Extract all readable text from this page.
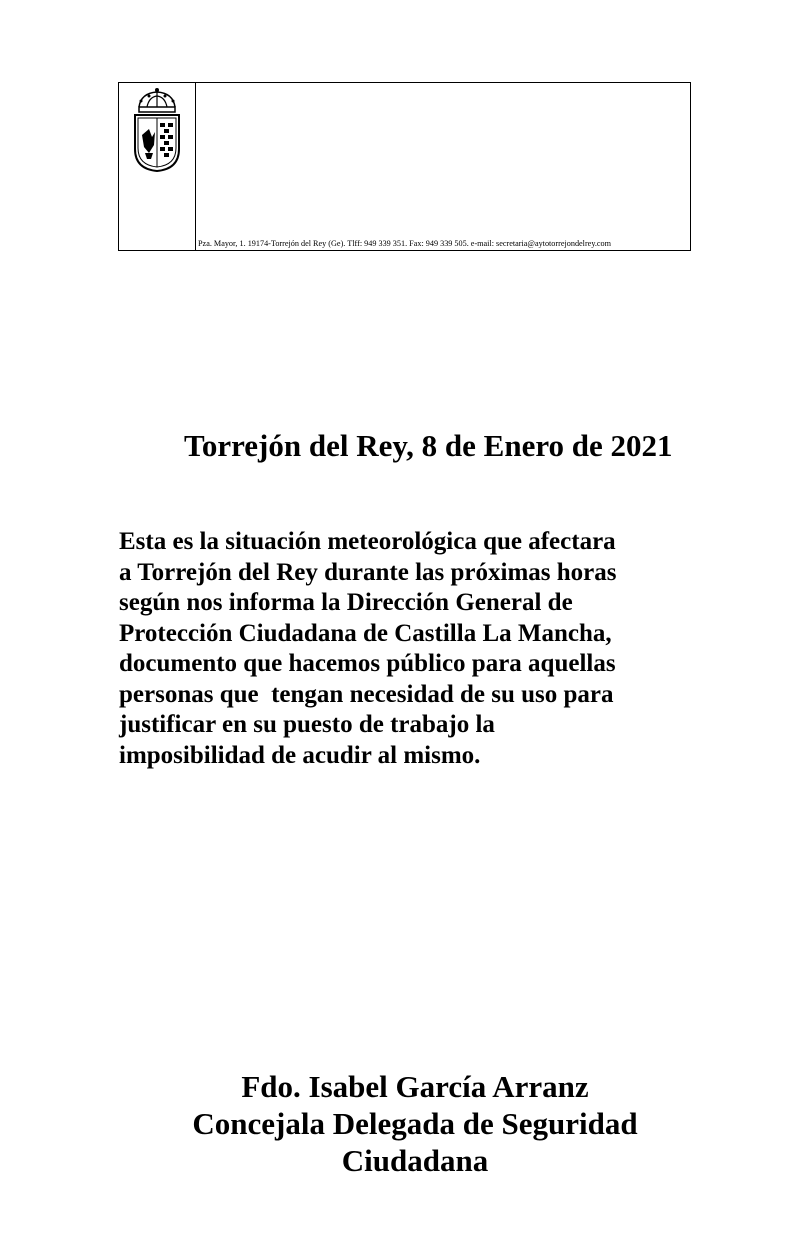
Pza. Mayor, 1. 19174-Torrejón del Rey (Ge). Tlff: 949 339 351. Fax: 949 339 505. e-mail: secretaria@aytotorrejondelrey.com
Torrejón del Rey, 8 de Enero de 2021
Esta es la situación meteorológica que afectara
a Torrejón del Rey durante las próximas horas
según nos informa la Dirección General de
Protección Ciudadana de Castilla La Mancha,
documento que hacemos público para aquellas
personas que  tengan necesidad de su uso para
justificar en su puesto de trabajo la
imposibilidad de acudir al mismo.
Fdo. Isabel García Arranz
Concejala Delegada de Seguridad
Ciudadana
